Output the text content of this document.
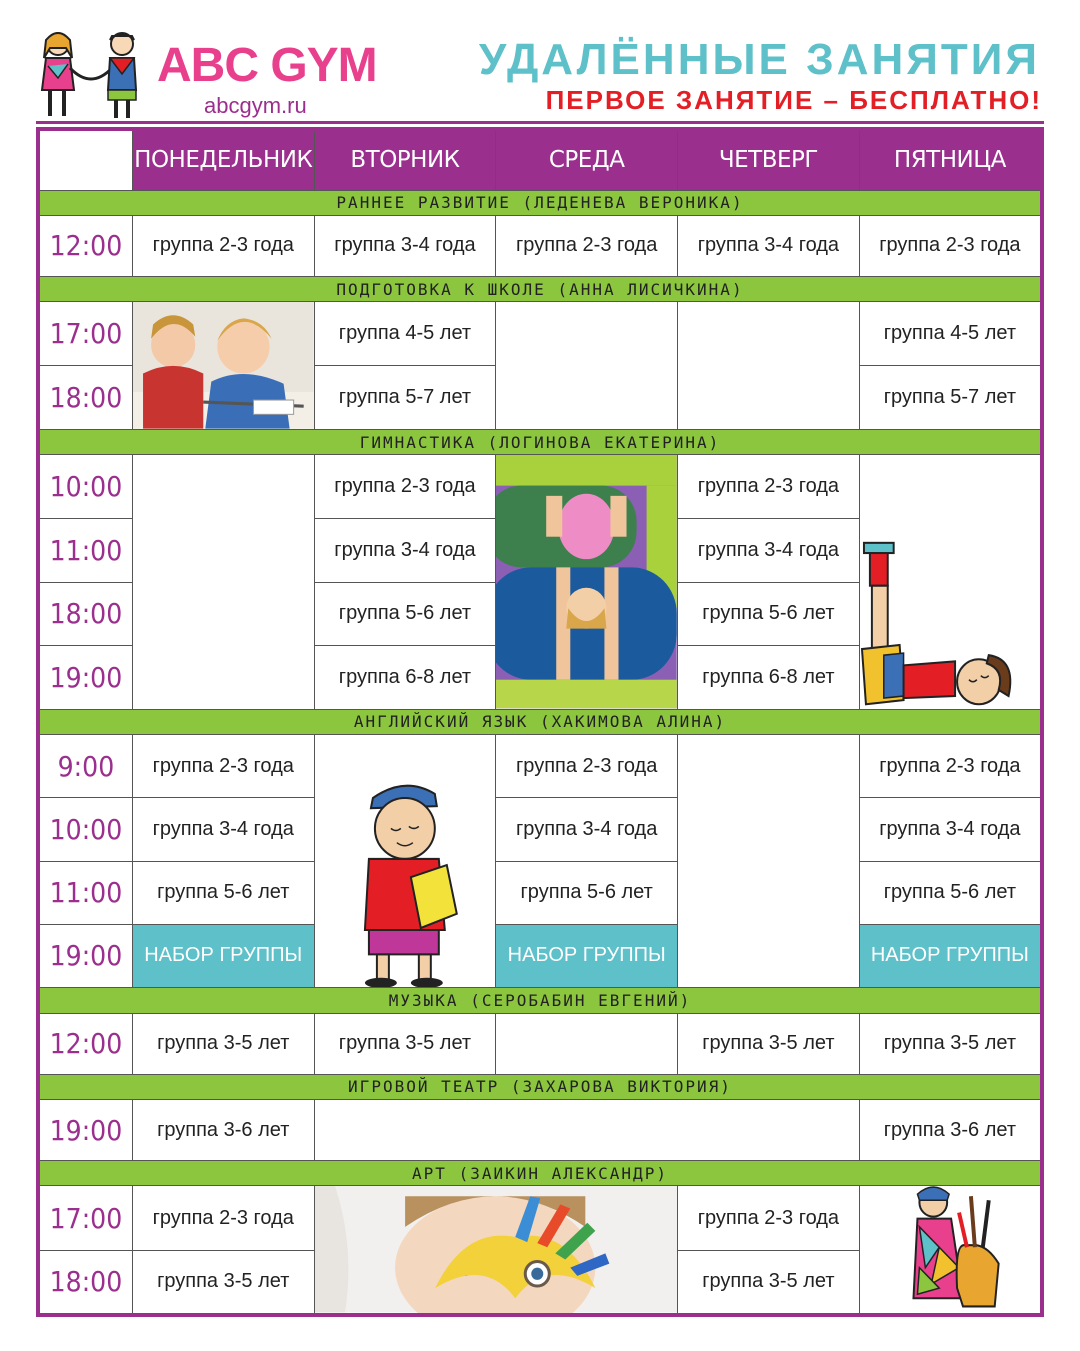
ABC GYM
abcgym.ru
УДАЛЁННЫЕ ЗАНЯТИЯ
ПЕРВОЕ ЗАНЯТИЕ – БЕСПЛАТНО!
	ПОНЕДЕЛЬНИК	ВТОРНИК	СРЕДА	ЧЕТВЕРГ	ПЯТНИЦА
РАННЕЕ РАЗВИТИЕ (ЛЕДЕНЕВА ВЕРОНИКА)					
12:00	группа 2-3 года	группа 3-4 года	группа 2-3 года	группа 3-4 года	группа 2-3 года
ПОДГОТОВКА К ШКОЛЕ (АННА ЛИСИЧКИНА)					
17:00		группа 4-5 лет			группа 4-5 лет
18:00		группа 5-7 лет			группа 5-7 лет
ГИМНАСТИКА (ЛОГИНОВА ЕКАТЕРИНА)					
10:00		группа 2-3 года		группа 2-3 года	

11:00		группа 3-4 года		группа 3-4 года	
18:00		группа 5-6 лет		группа 5-6 лет	
19:00		группа 6-8 лет		группа 6-8 лет	
АНГЛИЙСКИЙ ЯЗЫК (ХАКИМОВА АЛИНА)					
9:00	группа 2-3 года		группа 2-3 года		группа 2-3 года
10:00	группа 3-4 года		группа 3-4 года		группа 3-4 года
11:00	группа 5-6 лет		группа 5-6 лет		группа 5-6 лет
19:00	НАБОР ГРУППЫ		НАБОР ГРУППЫ		НАБОР ГРУППЫ
МУЗЫКА (СЕРОБАБИН ЕВГЕНИЙ)					
12:00	группа 3-5 лет	группа 3-5 лет		группа 3-5 лет	группа 3-5 лет
ИГРОВОЙ ТЕАТР (ЗАХАРОВА ВИКТОРИЯ)					
19:00	группа 3-6 лет				группа 3-6 лет
АРТ (ЗАИКИН АЛЕКСАНДР)					
17:00	группа 2-3 года			группа 2-3 года	

18:00	группа 3-5 лет			группа 3-5 лет	
